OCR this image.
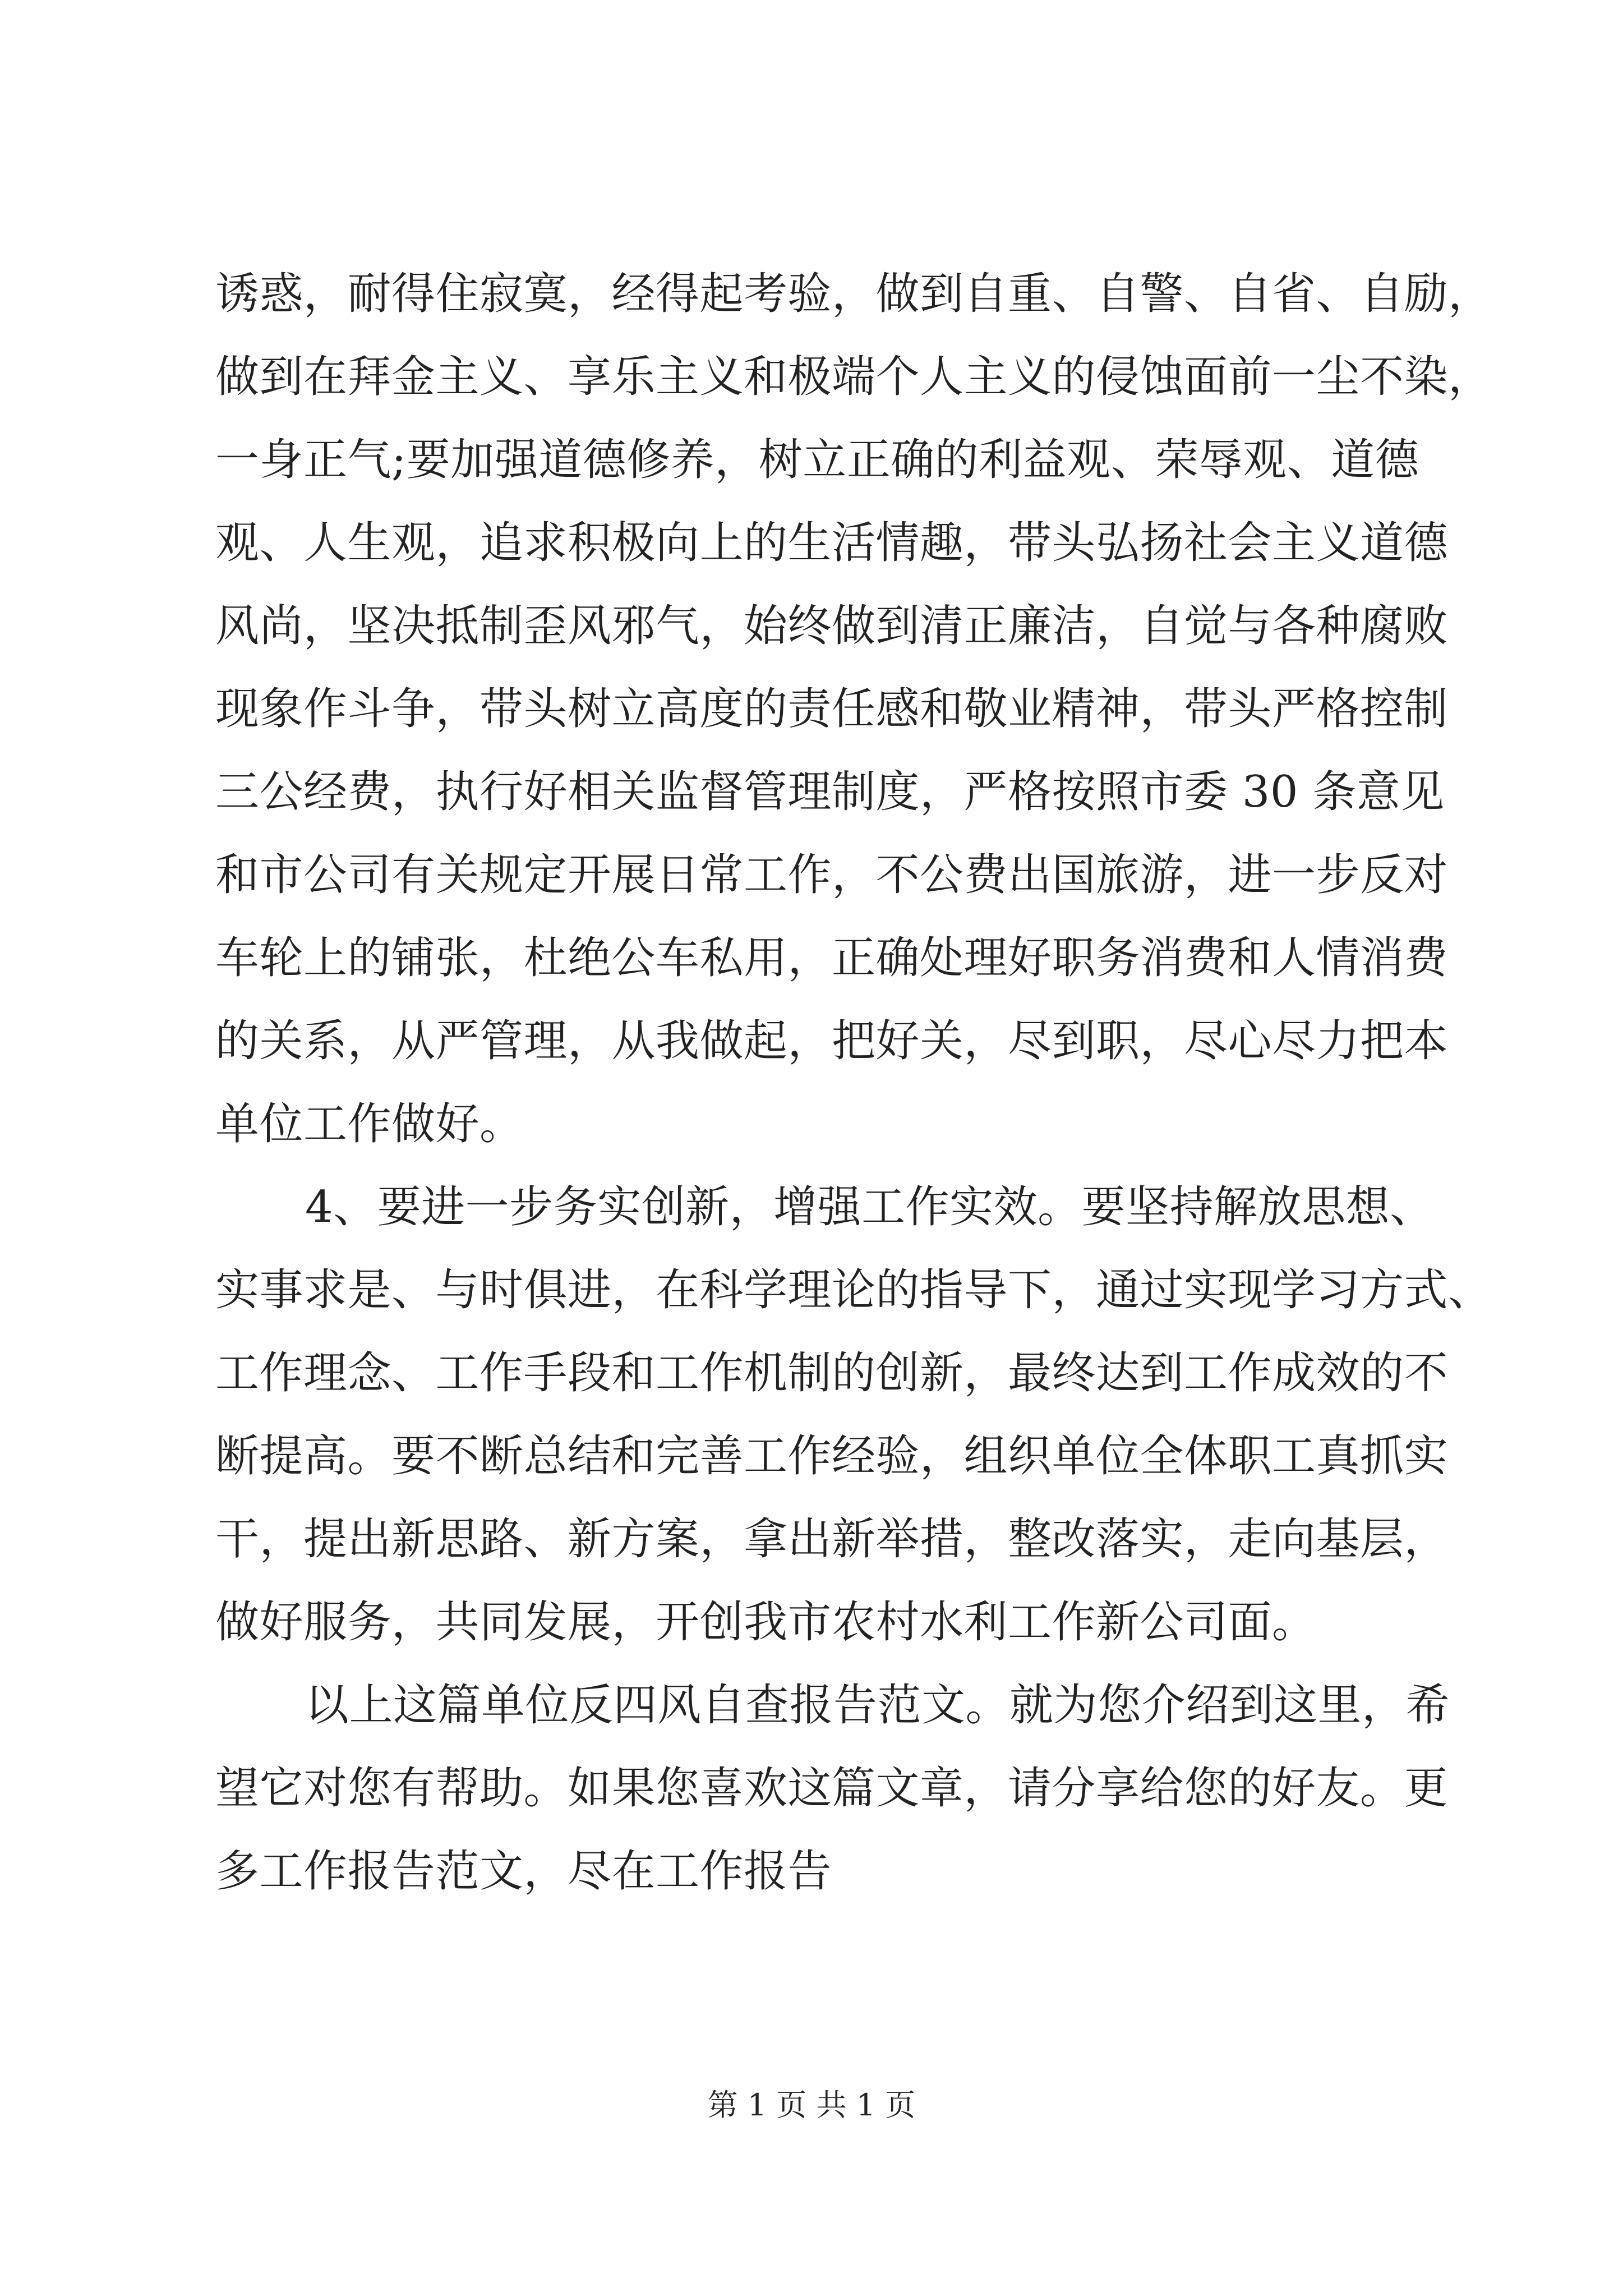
诱惑，耐得住寂寞，经得起考验，做到自重、自警、自省、自励，
做到在拜金主义、享乐主义和极端个人主义的侵蚀面前一尘不染，
一身正气;要加强道德修养，树立正确的利益观、荣辱观、道德
观、人生观，追求积极向上的生活情趣，带头弘扬社会主义道德
风尚，坚决抵制歪风邪气，始终做到清正廉洁，自觉与各种腐败
现象作斗争，带头树立高度的责任感和敬业精神，带头严格控制
三公经费，执行好相关监督管理制度，严格按照市委 30 条意见
和市公司有关规定开展日常工作，不公费出国旅游，进一步反对
车轮上的铺张，杜绝公车私用，正确处理好职务消费和人情消费
的关系，从严管理，从我做起，把好关，尽到职，尽心尽力把本
单位工作做好。
4、要进一步务实创新，增强工作实效。要坚持解放思想、
实事求是、与时俱进，在科学理论的指导下，通过实现学习方式、
工作理念、工作手段和工作机制的创新，最终达到工作成效的不
断提高。要不断总结和完善工作经验，组织单位全体职工真抓实
干，提出新思路、新方案，拿出新举措，整改落实，走向基层，
做好服务，共同发展，开创我市农村水利工作新公司面。
以上这篇单位反四风自查报告范文。就为您介绍到这里，希
望它对您有帮助。如果您喜欢这篇文章，请分享给您的好友。更
多工作报告范文，尽在工作报告
第 1 页 共 1 页
